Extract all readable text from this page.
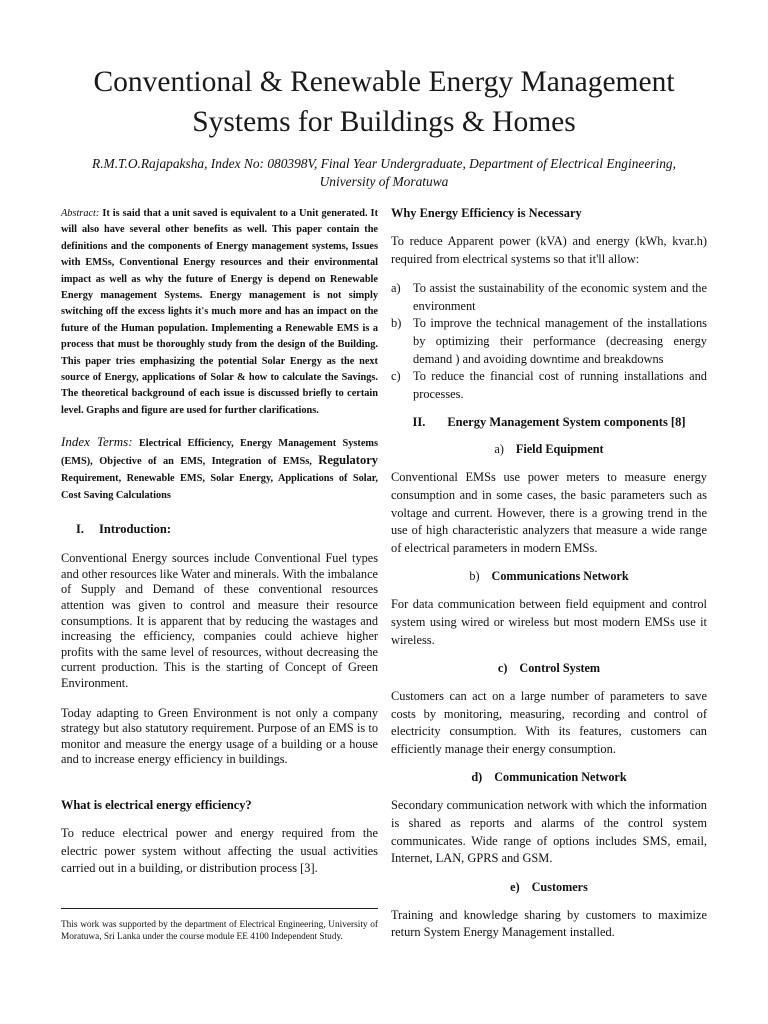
Conventional & Renewable Energy Management
Systems for Buildings & Homes
R.M.T.O.Rajapaksha, Index No: 080398V, Final Year Undergraduate, Department of Electrical Engineering,
University of Moratuwa

Abstract: It is said that a unit saved is equivalent to a Unit generated. It will also have several other benefits as well. This paper contain the definitions and the components of Energy management systems, Issues with EMSs, Conventional Energy resources and their environmental impact as well as why the future of Energy is depend on Renewable Energy management Systems. Energy management is not simply switching off the excess lights it's much more and has an impact on the future of the Human population. Implementing a Renewable EMS is a process that must be thoroughly study from the design of the Building. This paper tries emphasizing the potential Solar Energy as the next source of Energy, applications of Solar & how to calculate the Savings. The theoretical background of each issue is discussed briefly to certain level. Graphs and figure are used for further clarifications.

Index Terms: Electrical Efficiency, Energy Management Systems (EMS), Objective of an EMS, Integration of EMSs, Regulatory Requirement, Renewable EMS, Solar Energy, Applications of Solar, Cost Saving Calculations

I. Introduction:

Conventional Energy sources include Conventional Fuel types and other resources like Water and minerals. With the imbalance of Supply and Demand of these conventional resources attention was given to control and measure their resource consumptions. It is apparent that by reducing the wastages and increasing the efficiency, companies could achieve higher profits with the same level of resources, without decreasing the current production. This is the starting of Concept of Green Environment.

Today adapting to Green Environment is not only a company strategy but also statutory requirement. Purpose of an EMS is to monitor and measure the energy usage of a building or a house and to increase energy efficiency in buildings.

What is electrical energy efficiency?

To reduce electrical power and energy required from the electric power system without affecting the usual activities carried out in a building, or distribution process [3].

This work was supported by the department of Electrical Engineering, University of Moratuwa, Sri Lanka under the course module EE 4100 Independent Study.

Why Energy Efficiency is Necessary

To reduce Apparent power (kVA) and energy (kWh, kvar.h) required from electrical systems so that it'll allow:

a) To assist the sustainability of the economic system and the environment
b) To improve the technical management of the installations by optimizing their performance (decreasing energy demand ) and avoiding downtime and breakdowns
c) To reduce the financial cost of running installations and processes.
II. Energy Management System components [8]
a) Field Equipment

Conventional EMSs use power meters to measure energy consumption and in some cases, the basic parameters such as voltage and current. However, there is a growing trend in the use of high characteristic analyzers that measure a wide range of electrical parameters in modern EMSs.

b) Communications Network

For data communication between field equipment and control system using wired or wireless but most modern EMSs use it wireless.

c) Control System

Customers can act on a large number of parameters to save costs by monitoring, measuring, recording and control of electricity consumption. With its features, customers can efficiently manage their energy consumption.

d) Communication Network

Secondary communication network with which the information is shared as reports and alarms of the control system communicates. Wide range of options includes SMS, email, Internet, LAN, GPRS and GSM.

e) Customers

Training and knowledge sharing by customers to maximize return System Energy Management installed.
